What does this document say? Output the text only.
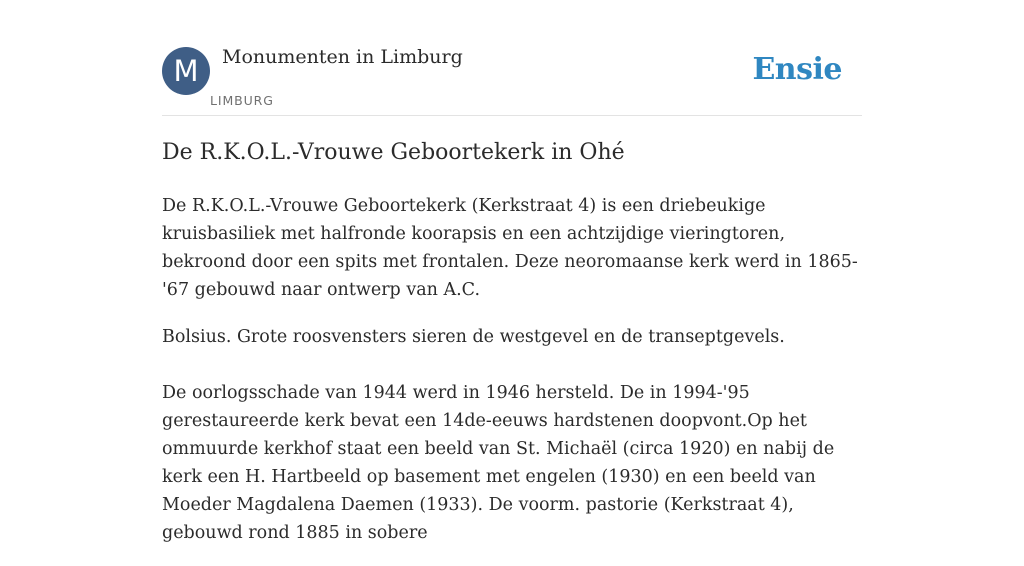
M	Monumenten in Limburg
LIMBURG
Ensie
De R.K.O.L.-Vrouwe Geboortekerk in Ohé

De R.K.O.L.-Vrouwe Geboortekerk (Kerkstraat 4) is een driebeukige kruisbasiliek met halfronde koorapsis en een achtzijdige vieringtoren, bekroond door een spits met frontalen. Deze neoromaanse kerk werd in 1865-'67 gebouwd naar ontwerp van A.C.

Bolsius. Grote roosvensters sieren de westgevel en de transeptgevels.

De oorlogsschade van 1944 werd in 1946 hersteld. De in 1994-'95 gerestaureerde kerk bevat een 14de-eeuws hardstenen doopvont.Op het ommuurde kerkhof staat een beeld van St. Michaël (circa 1920) en nabij de kerk een H. Hartbeeld op basement met engelen (1930) en een beeld van Moeder Magdalena Daemen (1933). De voorm. pastorie (Kerkstraat 4), gebouwd rond 1885 in sobere
